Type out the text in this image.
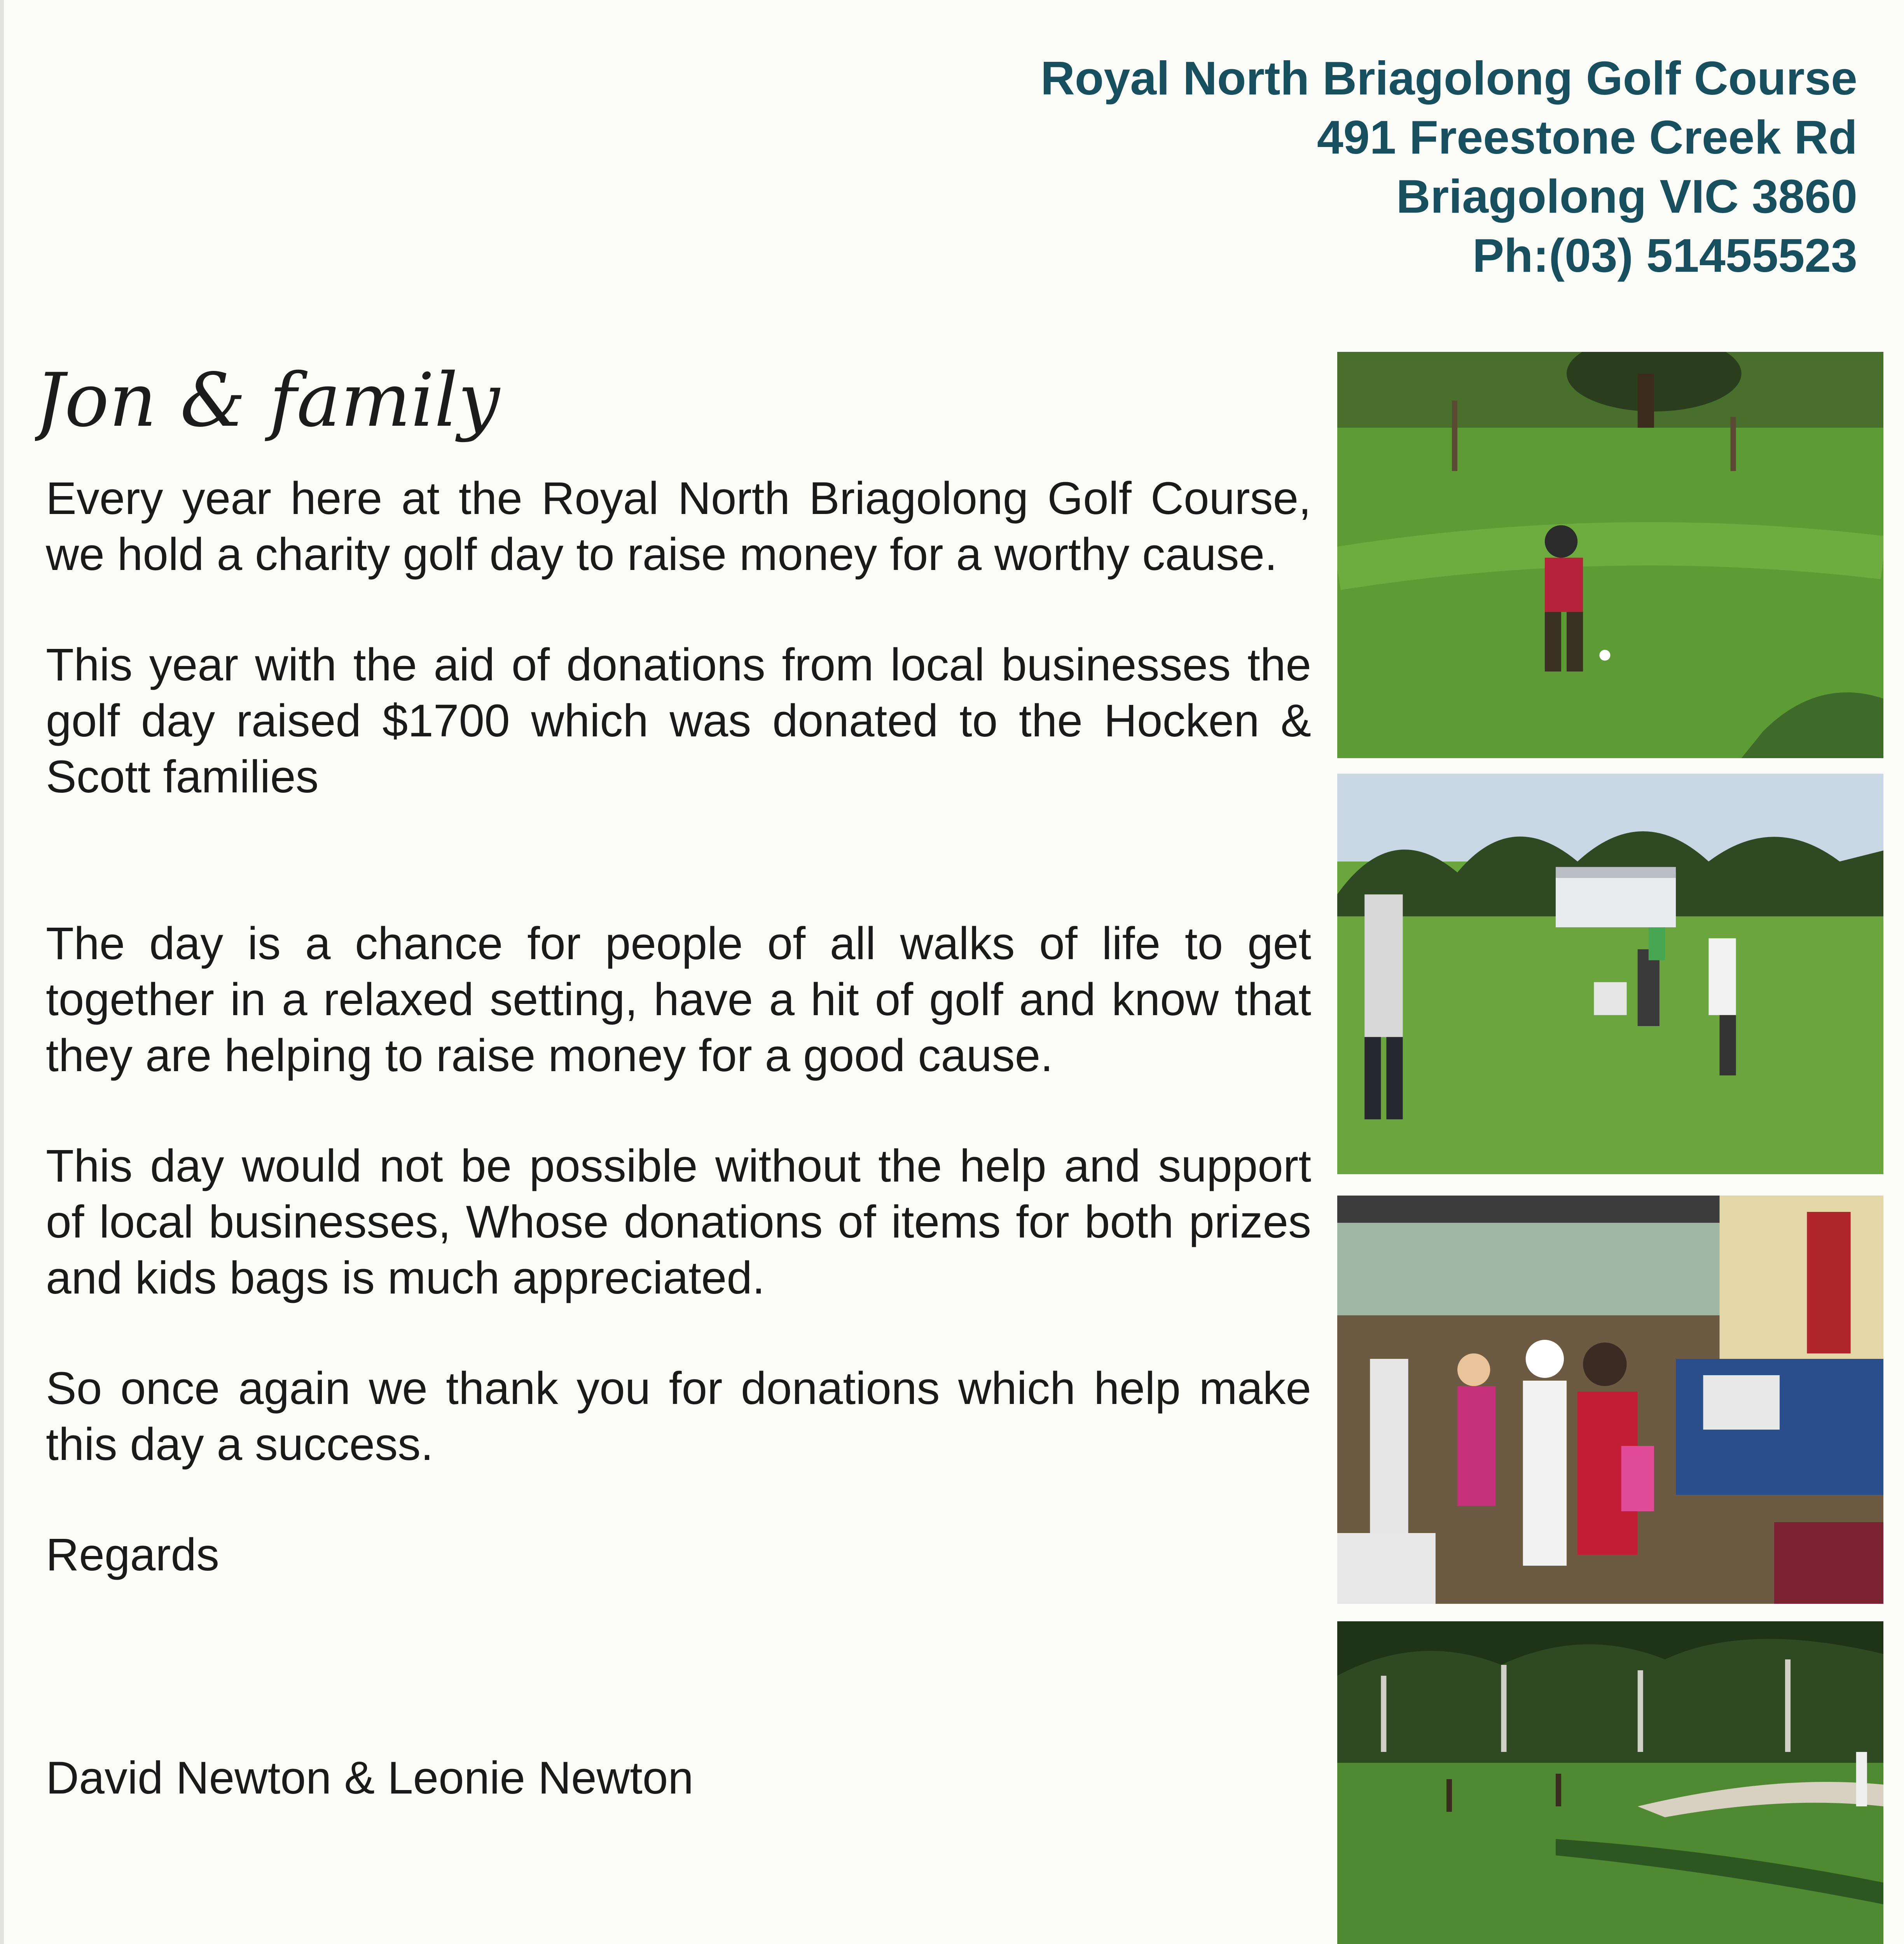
Royal North Briagolong Golf Course
491 Freestone Creek Rd
Briagolong VIC 3860
Ph:(03) 51455523
Jon & family

Every year here at the Royal North Briagolong Golf Course, we hold a charity golf day to raise money for a worthy cause.

This year with the aid of donations from local businesses the golf day raised $1700 which was donated to the Hocken & Scott families

The day is a chance for people of all walks of life to get together in a relaxed setting, have a hit of golf and know that they are helping to raise money for a good cause.

This day would not be possible without the help and support of local businesses, Whose donations of items for both prizes and kids bags is much appreciated.

So once again we thank you for donations which help make this day a success.

Regards

David Newton & Leonie Newton
